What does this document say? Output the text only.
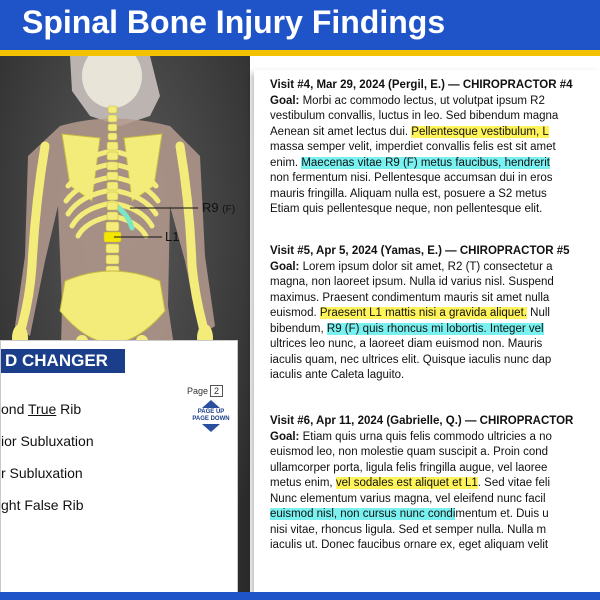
Spinal Bone Injury Findings
R9 (F)
L1
D CHANGER
Page 2
PAGE UP
PAGE DOWN
ond True Rib
ior Subluxation
r Subluxation
ght False Rib
Visit #4, Mar 29, 2024 (Pergil, E.) — CHIROPRACTOR #4
Goal: Morbi ac commodo lectus, ut volutpat ipsum R2
vestibulum convallis, luctus in leo. Sed bibendum magna
Aenean sit amet lectus dui. Pellentesque vestibulum, L
massa semper velit, imperdiet convallis felis est sit amet
enim. Maecenas vitae R9 (F) metus faucibus, hendrerit
non fermentum nisi. Pellentesque accumsan dui in eros
mauris fringilla. Aliquam nulla est, posuere a S2 metus
Etiam quis pellentesque neque, non pellentesque elit.
Visit #5, Apr 5, 2024 (Yamas, E.) — CHIROPRACTOR #5
Goal: Lorem ipsum dolor sit amet, R2 (T) consectetur a
magna, non laoreet ipsum. Nulla id varius nisl. Suspend
maximus. Praesent condimentum mauris sit amet nulla
euismod. Praesent L1 mattis nisi a gravida aliquet. Null
bibendum, R9 (F) quis rhoncus mi lobortis. Integer vel
ultrices leo nunc, a laoreet diam euismod non. Mauris
iaculis quam, nec ultrices elit. Quisque iaculis nunc dap
iaculis ante Caleta laguito.
Visit #6, Apr 11, 2024 (Gabrielle, Q.) — CHIROPRACTOR
Goal: Etiam quis urna quis felis commodo ultricies a no
euismod leo, non molestie quam suscipit a. Proin cond
ullamcorper porta, ligula felis fringilla augue, vel laoree
metus enim, vel sodales est aliquet et L1. Sed vitae feli
Nunc elementum varius magna, vel eleifend nunc facil
euismod nisl, non cursus nunc condimentum et. Duis u
nisi vitae, rhoncus ligula. Sed et semper nulla. Nulla m
iaculis ut. Donec faucibus ornare ex, eget aliquam velit
